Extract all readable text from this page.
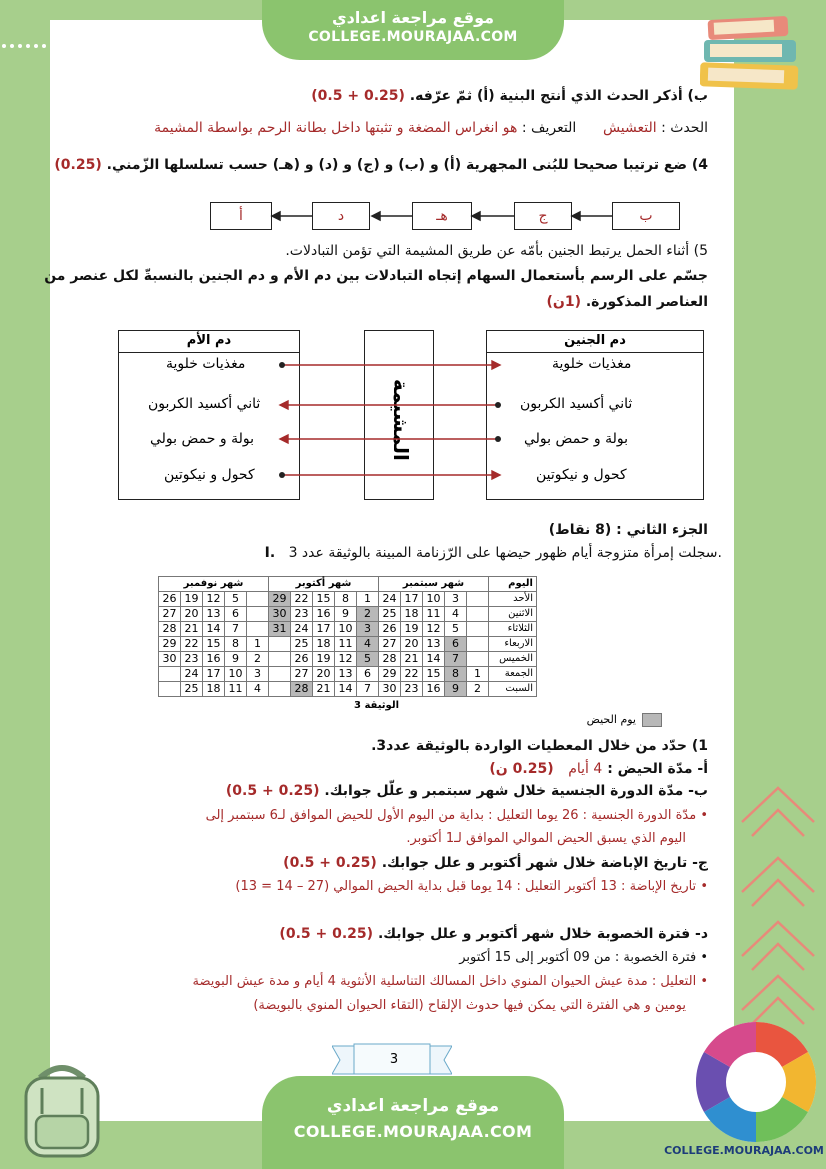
موقع مراجعة اعدادي
COLLEGE.MOURAJAA.COM
ب) أذكر الحدث الذي أنتج البنية (أ) ثمّ عرّفه. (0.25 + 0.5)
الحدث : التعشيش      التعريف : هو انغراس المضغة و تثبتها داخل بطانة الرحم بواسطة المشيمة
4) ضع ترتيبا صحيحا للبُنى المجهرية (أ) و (ب) و (ج) و (د) و (هـ) حسب تسلسلها الزّمني. (0.25)
ب
ج
هـ
د
أ
5) أثناء الحمل يرتبط الجنين بأمّه عن طريق المشيمة التي تؤمن التبادلات.
جسّم على الرسم بأستعمال السهام إتجاه التبادلات بين دم الأم و دم الجنين بالنسبةّ لكل عنصر من
العناصر المذكورة. (1ن)
دم الجنين
دم الأم
المشيمة
مغذيات خلوية
ثاني أكسيد الكربون
بولة و حمض بولي
كحول و نيكوتين
مغذيات خلوية
ثاني أكسيد الكربون
بولة و حمض بولي
كحول و نيكوتين
الجزء الثاني : (8 نقاط)
I. سجلت إمرأة متزوجة أيام ظهور حيضها على الرّزنامة المبينة بالوثيقة عدد 3.
شهر نوفمبر					شهر أكتوبر					شهر سبتمبر					اليوم
26	19	12	5		29	22	15	8	1	24	17	10	3		الأحد
27	20	13	6		30	23	16	9	2	25	18	11	4		الاثنين
28	21	14	7		31	24	17	10	3	26	19	12	5		الثلاثاء
29	22	15	8	1		25	18	11	4	27	20	13	6		الاربعاء
30	23	16	9	2		26	19	12	5	28	21	14	7		الخميس
	24	17	10	3		27	20	13	6	29	22	15	8	1	الجمعة
	25	18	11	4		28	21	14	7	30	23	16	9	2	السبت
الوثيقة 3
يوم الحيض
1) حدّد من خلال المعطيات الواردة بالوثيقة عدد3.
أ- مدّة الحيض : 4 أيام   (0.25 ن)
ب- مدّة الدورة الجنسية خلال شهر سبتمبر و علّل جوابك. (0.25 + 0.5)
• مدّة الدورة الجنسية : 26 يوما التعليل : بداية من اليوم الأول للحيض الموافق لـ6 سبتمبر إلى
اليوم الذي يسبق الحيض الموالي الموافق لـ1 أكتوبر.
ج- تاريخ الإباضة خلال شهر أكتوبر و علل جوابك. (0.25 + 0.5)
• تاريخ الإباضة : 13 أكتوبر التعليل : 14 يوما قبل بداية الحيض الموالي (27 – 14 = 13)
د- فترة الخصوبة خلال شهر أكتوبر و علل جوابك. (0.25 + 0.5)
• فترة الخصوبة : من 09 أكتوبر إلى 15 أكتوبر
• التعليل : مدة عيش الحيوان المنوي داخل المسالك التناسلية الأنثوية 4 أيام و مدة عيش البويضة
يومين و هي الفترة التي يمكن فيها حدوث الإلقاح (التقاء الحيوان المنوي بالبويضة)
3
موقع مراجعة اعدادي
COLLEGE.MOURAJAA.COM
COLLEGE.MOURAJAA.COM
